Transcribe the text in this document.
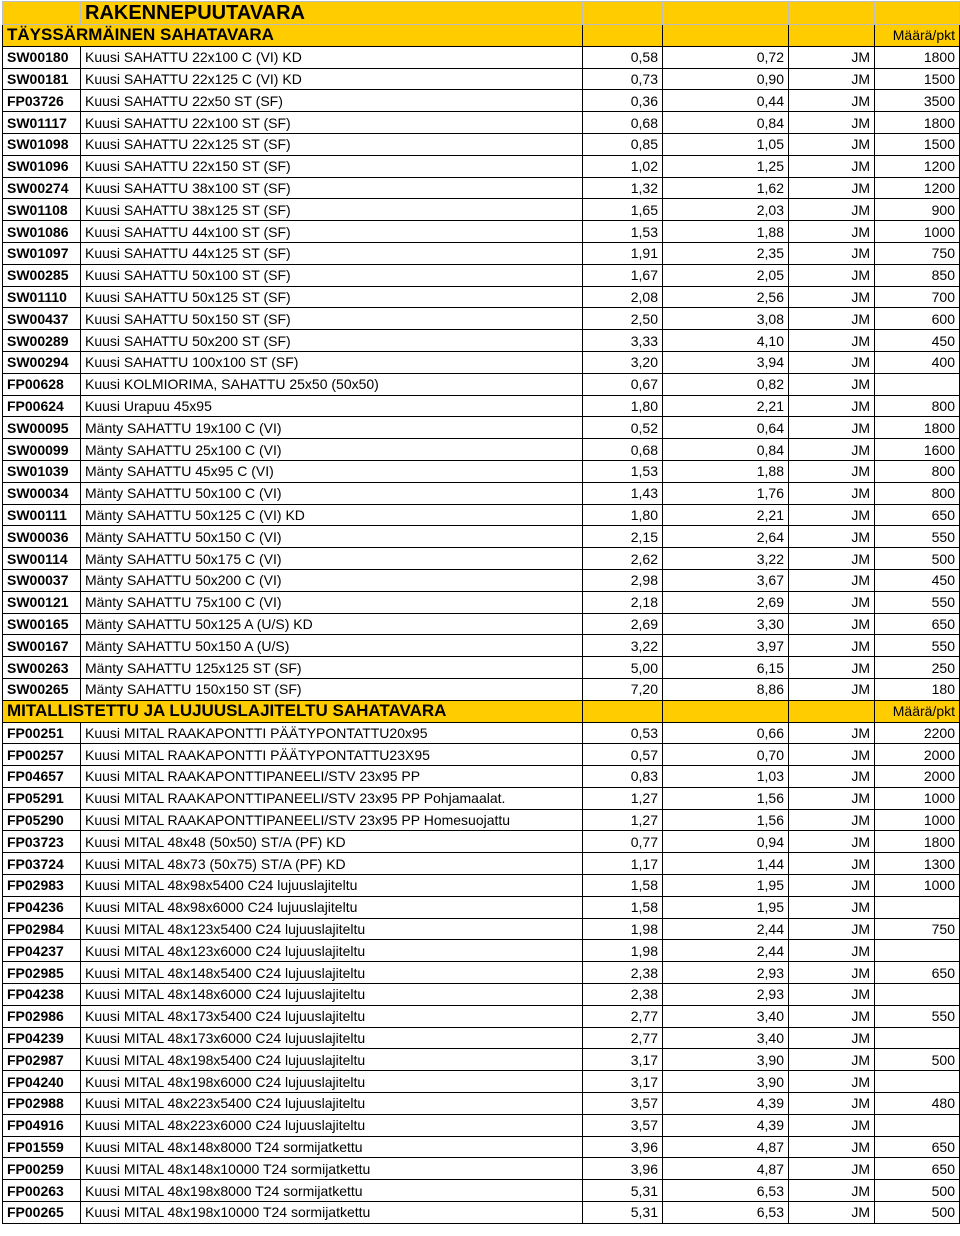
	RAKENNEPUUTAVARA				
TÄYSSÄRMÄINEN SAHATAVARA					Määrä/pkt
SW00180	Kuusi SAHATTU 22x100 C (VI) KD	0,58	0,72	JM	1800
SW00181	Kuusi SAHATTU 22x125 C (VI) KD	0,73	0,90	JM	1500
FP03726	Kuusi SAHATTU 22x50 ST (SF)	0,36	0,44	JM	3500
SW01117	Kuusi SAHATTU 22x100 ST (SF)	0,68	0,84	JM	1800
SW01098	Kuusi SAHATTU 22x125 ST (SF)	0,85	1,05	JM	1500
SW01096	Kuusi SAHATTU 22x150 ST (SF)	1,02	1,25	JM	1200
SW00274	Kuusi SAHATTU 38x100 ST (SF)	1,32	1,62	JM	1200
SW01108	Kuusi SAHATTU 38x125 ST (SF)	1,65	2,03	JM	900
SW01086	Kuusi SAHATTU 44x100 ST (SF)	1,53	1,88	JM	1000
SW01097	Kuusi SAHATTU 44x125 ST (SF)	1,91	2,35	JM	750
SW00285	Kuusi SAHATTU 50x100 ST (SF)	1,67	2,05	JM	850
SW01110	Kuusi SAHATTU 50x125 ST (SF)	2,08	2,56	JM	700
SW00437	Kuusi SAHATTU 50x150 ST (SF)	2,50	3,08	JM	600
SW00289	Kuusi SAHATTU 50x200 ST (SF)	3,33	4,10	JM	450
SW00294	Kuusi SAHATTU 100x100 ST (SF)	3,20	3,94	JM	400
FP00628	Kuusi KOLMIORIMA, SAHATTU 25x50 (50x50)	0,67	0,82	JM	
FP00624	Kuusi Urapuu 45x95	1,80	2,21	JM	800
SW00095	Mänty SAHATTU 19x100 C (VI)	0,52	0,64	JM	1800
SW00099	Mänty SAHATTU 25x100 C (VI)	0,68	0,84	JM	1600
SW01039	Mänty SAHATTU 45x95 C (VI)	1,53	1,88	JM	800
SW00034	Mänty SAHATTU 50x100 C (VI)	1,43	1,76	JM	800
SW00111	Mänty SAHATTU 50x125 C (VI) KD	1,80	2,21	JM	650
SW00036	Mänty SAHATTU 50x150 C (VI)	2,15	2,64	JM	550
SW00114	Mänty SAHATTU 50x175 C (VI)	2,62	3,22	JM	500
SW00037	Mänty SAHATTU 50x200 C (VI)	2,98	3,67	JM	450
SW00121	Mänty SAHATTU 75x100 C (VI)	2,18	2,69	JM	550
SW00165	Mänty SAHATTU 50x125 A (U/S) KD	2,69	3,30	JM	650
SW00167	Mänty SAHATTU 50x150 A (U/S)	3,22	3,97	JM	550
SW00263	Mänty SAHATTU 125x125 ST (SF)	5,00	6,15	JM	250
SW00265	Mänty SAHATTU 150x150 ST (SF)	7,20	8,86	JM	180
MITALLISTETTU JA LUJUUSLAJITELTU SAHATAVARA					Määrä/pkt
FP00251	Kuusi MITAL RAAKAPONTTI PÄÄTYPONTATTU20x95	0,53	0,66	JM	2200
FP00257	Kuusi MITAL RAAKAPONTTI PÄÄTYPONTATTU23X95	0,57	0,70	JM	2000
FP04657	Kuusi MITAL RAAKAPONTTIPANEELI/STV 23x95 PP	0,83	1,03	JM	2000
FP05291	Kuusi MITAL RAAKAPONTTIPANEELI/STV 23x95 PP Pohjamaalat.	1,27	1,56	JM	1000
FP05290	Kuusi MITAL RAAKAPONTTIPANEELI/STV 23x95 PP Homesuojattu	1,27	1,56	JM	1000
FP03723	Kuusi MITAL 48x48 (50x50) ST/A (PF) KD	0,77	0,94	JM	1800
FP03724	Kuusi MITAL 48x73 (50x75) ST/A (PF) KD	1,17	1,44	JM	1300
FP02983	Kuusi MITAL 48x98x5400 C24 lujuuslajiteltu	1,58	1,95	JM	1000
FP04236	Kuusi MITAL 48x98x6000 C24 lujuuslajiteltu	1,58	1,95	JM	
FP02984	Kuusi MITAL 48x123x5400 C24 lujuuslajiteltu	1,98	2,44	JM	750
FP04237	Kuusi MITAL 48x123x6000 C24 lujuuslajiteltu	1,98	2,44	JM	
FP02985	Kuusi MITAL 48x148x5400 C24 lujuuslajiteltu	2,38	2,93	JM	650
FP04238	Kuusi MITAL 48x148x6000 C24 lujuuslajiteltu	2,38	2,93	JM	
FP02986	Kuusi MITAL 48x173x5400 C24 lujuuslajiteltu	2,77	3,40	JM	550
FP04239	Kuusi MITAL 48x173x6000 C24 lujuuslajiteltu	2,77	3,40	JM	
FP02987	Kuusi MITAL 48x198x5400 C24 lujuuslajiteltu	3,17	3,90	JM	500
FP04240	Kuusi MITAL 48x198x6000 C24 lujuuslajiteltu	3,17	3,90	JM	
FP02988	Kuusi MITAL 48x223x5400 C24 lujuuslajiteltu	3,57	4,39	JM	480
FP04916	Kuusi MITAL 48x223x6000 C24 lujuuslajiteltu	3,57	4,39	JM	
FP01559	Kuusi MITAL 48x148x8000 T24 sormijatkettu	3,96	4,87	JM	650
FP00259	Kuusi MITAL 48x148x10000 T24 sormijatkettu	3,96	4,87	JM	650
FP00263	Kuusi MITAL 48x198x8000 T24 sormijatkettu	5,31	6,53	JM	500
FP00265	Kuusi MITAL 48x198x10000 T24 sormijatkettu	5,31	6,53	JM	500
